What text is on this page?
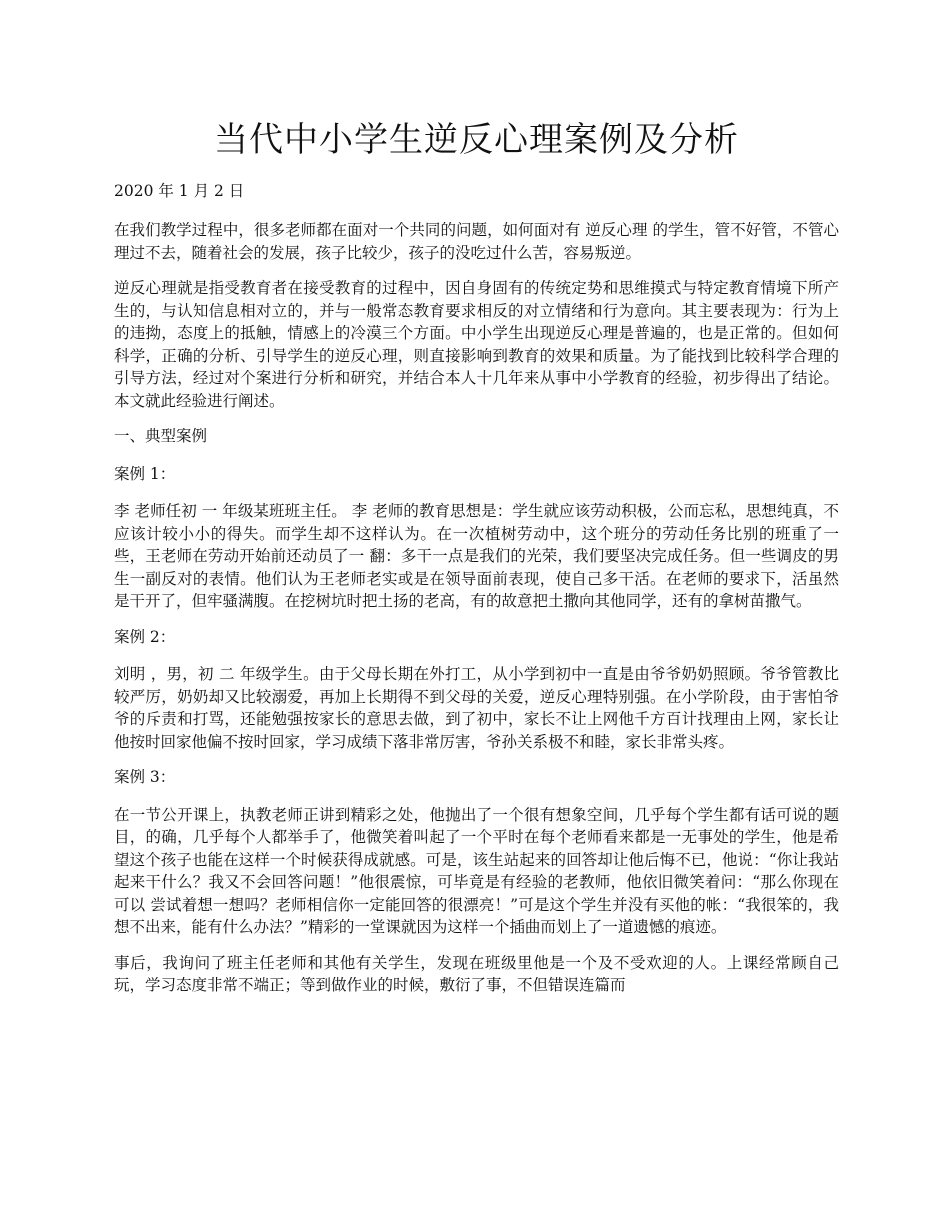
当代中小学生逆反心理案例及分析
2020 年 1 月 2 日

在我们教学过程中，很多老师都在面对一个共同的问题，如何面对有 逆反心理 的学生，管不好管，不管心理过不去，随着社会的发展，孩子比较少，孩子的没吃过什么苦，容易叛逆。

逆反心理就是指受教育者在接受教育的过程中，因自身固有的传统定势和思维摸式与特定教育情境下所产生的，与认知信息相对立的，并与一般常态教育要求相反的对立情绪和行为意向。其主要表现为：行为上的违拗，态度上的抵触，情感上的冷漠三个方面。中小学生出现逆反心理是普遍的，也是正常的。但如何科学，正确的分析、引导学生的逆反心理，则直接影响到教育的效果和质量。为了能找到比较科学合理的引导方法，经过对个案进行分析和研究，并结合本人十几年来从事中小学教育的经验，初步得出了结论。本文就此经验进行阐述。

一、典型案例
案例 1：

李 老师任初 一 年级某班班主任。 李 老师的教育思想是：学生就应该劳动积极，公而忘私，思想纯真，不应该计较小小的得失。而学生却不这样认为。在一次植树劳动中，这个班分的劳动任务比别的班重了一些，王老师在劳动开始前还动员了一 翻：多干一点是我们的光荣，我们要坚决完成任务。但一些调皮的男生一副反对的表情。他们认为王老师老实或是在领导面前表现，使自己多干活。在老师的要求下，活虽然是干开了，但牢骚满腹。在挖树坑时把土扬的老高，有的故意把土撒向其他同学，还有的拿树苗撒气。

案例 2：

刘明 ，男，初 二 年级学生。由于父母长期在外打工，从小学到初中一直是由爷爷奶奶照顾。爷爷管教比较严厉，奶奶却又比较溺爱，再加上长期得不到父母的关爱，逆反心理特别强。在小学阶段，由于害怕爷爷的斥责和打骂，还能勉强按家长的意思去做，到了初中，家长不让上网他千方百计找理由上网，家长让他按时回家他偏不按时回家，学习成绩下落非常厉害，爷孙关系极不和睦，家长非常头疼。

案例 3：

在一节公开课上，执教老师正讲到精彩之处，他抛出了一个很有想象空间，几乎每个学生都有话可说的题目，的确，几乎每个人都举手了，他微笑着叫起了一个平时在每个老师看来都是一无事处的学生，他是希望这个孩子也能在这样一个时候获得成就感。可是，该生站起来的回答却让他后悔不已，他说：“你让我站起来干什么？我又不会回答问题！”他很震惊，可毕竟是有经验的老教师，他依旧微笑着问：“那么你现在可以 尝试着想一想吗？老师相信你一定能回答的很漂亮！”可是这个学生并没有买他的帐：“我很笨的，我想不出来，能有什么办法？”精彩的一堂课就因为这样一个插曲而划上了一道遗憾的痕迹。

事后，我询问了班主任老师和其他有关学生，发现在班级里他是一个及不受欢迎的人。上课经常顾自己玩，学习态度非常不端正；等到做作业的时候，敷衍了事，不但错误连篇而
